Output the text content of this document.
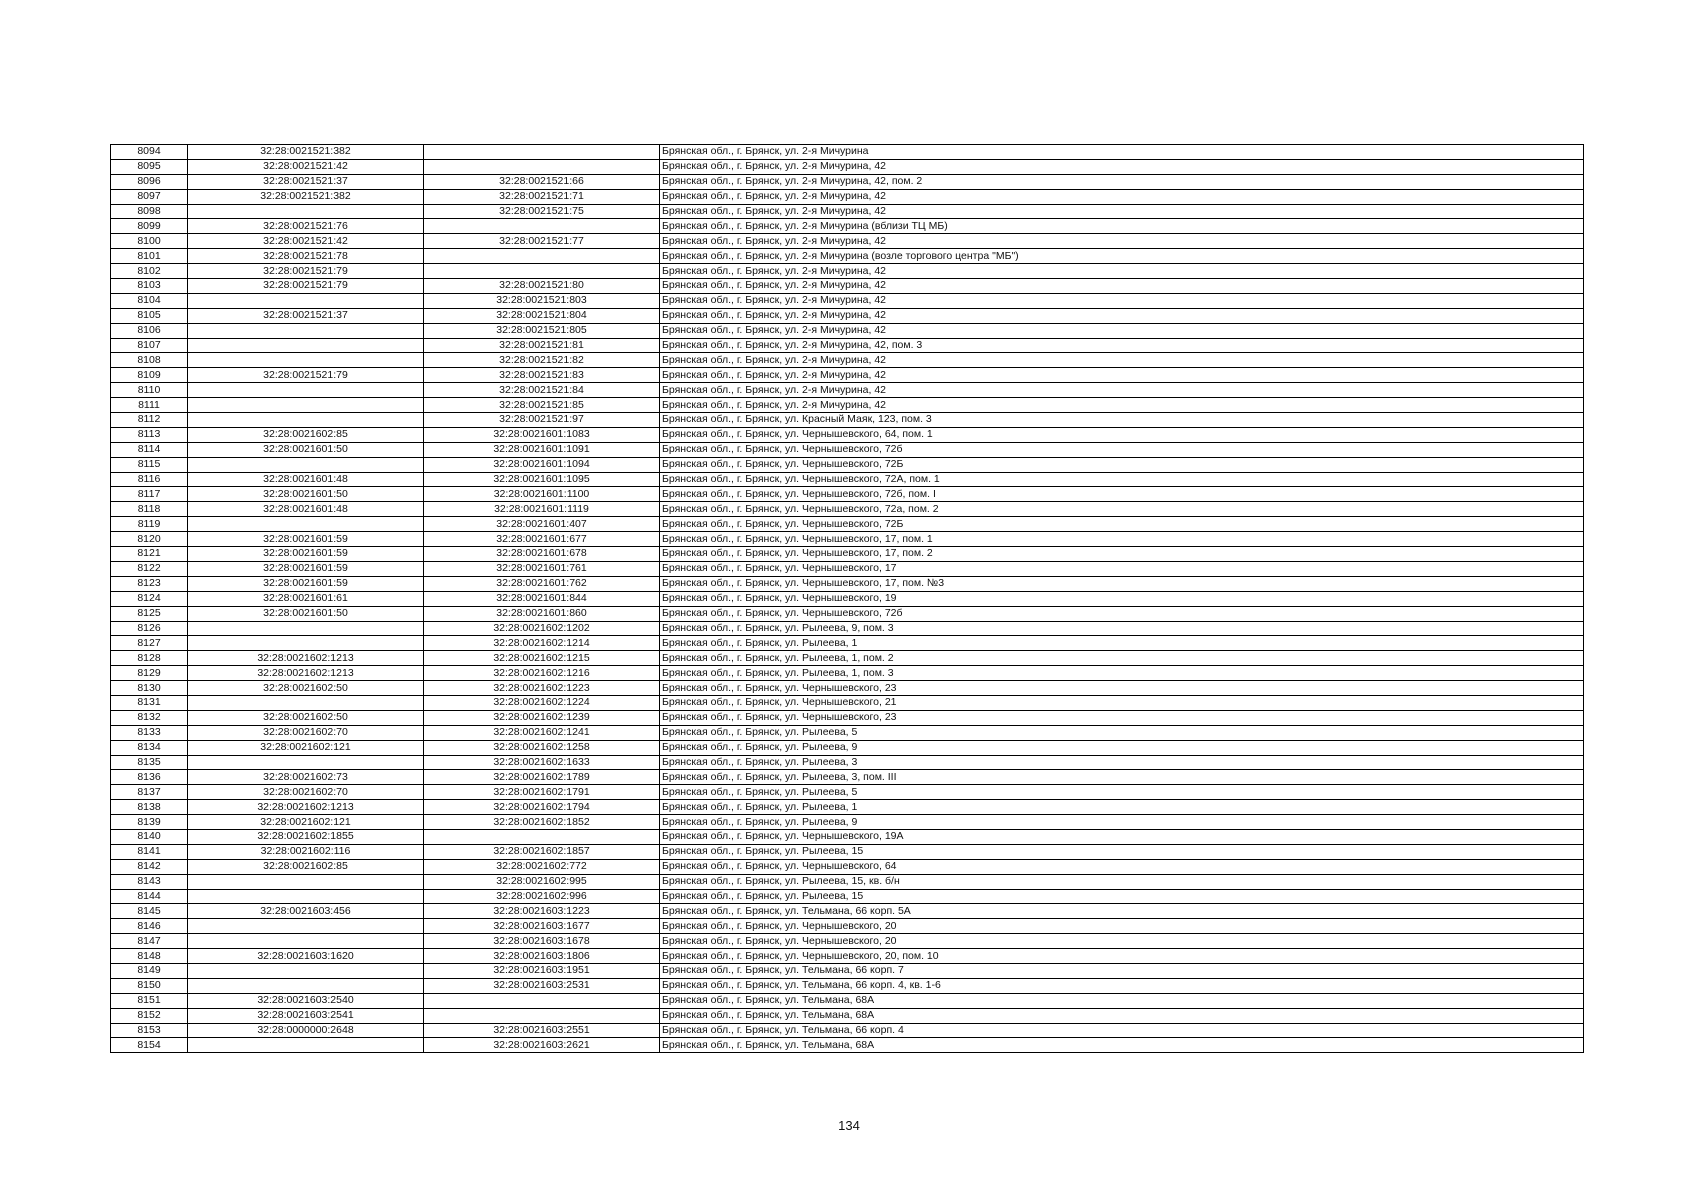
8094	32:28:0021521:382		Брянская обл., г. Брянск, ул. 2-я Мичурина
8095	32:28:0021521:42		Брянская обл., г. Брянск, ул. 2-я Мичурина, 42
8096	32:28:0021521:37	32:28:0021521:66	Брянская обл., г. Брянск, ул. 2-я Мичурина, 42, пом. 2
8097	32:28:0021521:382	32:28:0021521:71	Брянская обл., г. Брянск, ул. 2-я Мичурина, 42
8098		32:28:0021521:75	Брянская обл., г. Брянск, ул. 2-я Мичурина, 42
8099	32:28:0021521:76		Брянская обл., г. Брянск, ул. 2-я Мичурина (вблизи ТЦ МБ)
8100	32:28:0021521:42	32:28:0021521:77	Брянская обл., г. Брянск, ул. 2-я Мичурина, 42
8101	32:28:0021521:78		Брянская обл., г. Брянск, ул. 2-я Мичурина (возле торгового центра "МБ")
8102	32:28:0021521:79		Брянская обл., г. Брянск, ул. 2-я Мичурина, 42
8103	32:28:0021521:79	32:28:0021521:80	Брянская обл., г. Брянск, ул. 2-я Мичурина, 42
8104		32:28:0021521:803	Брянская обл., г. Брянск, ул. 2-я Мичурина, 42
8105	32:28:0021521:37	32:28:0021521:804	Брянская обл., г. Брянск, ул. 2-я Мичурина, 42
8106		32:28:0021521:805	Брянская обл., г. Брянск, ул. 2-я Мичурина, 42
8107		32:28:0021521:81	Брянская обл., г. Брянск, ул. 2-я Мичурина, 42, пом. 3
8108		32:28:0021521:82	Брянская обл., г. Брянск, ул. 2-я Мичурина, 42
8109	32:28:0021521:79	32:28:0021521:83	Брянская обл., г. Брянск, ул. 2-я Мичурина, 42
8110		32:28:0021521:84	Брянская обл., г. Брянск, ул. 2-я Мичурина, 42
8111		32:28:0021521:85	Брянская обл., г. Брянск, ул. 2-я Мичурина, 42
8112		32:28:0021521:97	Брянская обл., г. Брянск, ул. Красный Маяк, 123, пом. 3
8113	32:28:0021602:85	32:28:0021601:1083	Брянская обл., г. Брянск, ул. Чернышевского, 64, пом. 1
8114	32:28:0021601:50	32:28:0021601:1091	Брянская обл., г. Брянск, ул. Чернышевского, 72б
8115		32:28:0021601:1094	Брянская обл., г. Брянск, ул. Чернышевского, 72Б
8116	32:28:0021601:48	32:28:0021601:1095	Брянская обл., г. Брянск, ул. Чернышевского, 72А, пом. 1
8117	32:28:0021601:50	32:28:0021601:1100	Брянская обл., г. Брянск, ул. Чернышевского, 72б, пом. I
8118	32:28:0021601:48	32:28:0021601:1119	Брянская обл., г. Брянск, ул. Чернышевского, 72а, пом. 2
8119		32:28:0021601:407	Брянская обл., г. Брянск, ул. Чернышевского, 72Б
8120	32:28:0021601:59	32:28:0021601:677	Брянская обл., г. Брянск, ул. Чернышевского, 17, пом. 1
8121	32:28:0021601:59	32:28:0021601:678	Брянская обл., г. Брянск, ул. Чернышевского, 17, пом. 2
8122	32:28:0021601:59	32:28:0021601:761	Брянская обл., г. Брянск, ул. Чернышевского, 17
8123	32:28:0021601:59	32:28:0021601:762	Брянская обл., г. Брянск, ул. Чернышевского, 17, пом. №3
8124	32:28:0021601:61	32:28:0021601:844	Брянская обл., г. Брянск, ул. Чернышевского, 19
8125	32:28:0021601:50	32:28:0021601:860	Брянская обл., г. Брянск, ул. Чернышевского, 72б
8126		32:28:0021602:1202	Брянская обл., г. Брянск, ул. Рылеева, 9, пом. 3
8127		32:28:0021602:1214	Брянская обл., г. Брянск, ул. Рылеева, 1
8128	32:28:0021602:1213	32:28:0021602:1215	Брянская обл., г. Брянск, ул. Рылеева, 1, пом. 2
8129	32:28:0021602:1213	32:28:0021602:1216	Брянская обл., г. Брянск, ул. Рылеева, 1, пом. 3
8130	32:28:0021602:50	32:28:0021602:1223	Брянская обл., г. Брянск, ул. Чернышевского, 23
8131		32:28:0021602:1224	Брянская обл., г. Брянск, ул. Чернышевского, 21
8132	32:28:0021602:50	32:28:0021602:1239	Брянская обл., г. Брянск, ул. Чернышевского, 23
8133	32:28:0021602:70	32:28:0021602:1241	Брянская обл., г. Брянск, ул. Рылеева, 5
8134	32:28:0021602:121	32:28:0021602:1258	Брянская обл., г. Брянск, ул. Рылеева, 9
8135		32:28:0021602:1633	Брянская обл., г. Брянск, ул. Рылеева, 3
8136	32:28:0021602:73	32:28:0021602:1789	Брянская обл., г. Брянск, ул. Рылеева, 3, пом. III
8137	32:28:0021602:70	32:28:0021602:1791	Брянская обл., г. Брянск, ул. Рылеева, 5
8138	32:28:0021602:1213	32:28:0021602:1794	Брянская обл., г. Брянск, ул. Рылеева, 1
8139	32:28:0021602:121	32:28:0021602:1852	Брянская обл., г. Брянск, ул. Рылеева, 9
8140	32:28:0021602:1855		Брянская обл., г. Брянск, ул. Чернышевского, 19А
8141	32:28:0021602:116	32:28:0021602:1857	Брянская обл., г. Брянск, ул. Рылеева, 15
8142	32:28:0021602:85	32:28:0021602:772	Брянская обл., г. Брянск, ул. Чернышевского, 64
8143		32:28:0021602:995	Брянская обл., г. Брянск, ул. Рылеева, 15, кв. б/н
8144		32:28:0021602:996	Брянская обл., г. Брянск, ул. Рылеева, 15
8145	32:28:0021603:456	32:28:0021603:1223	Брянская обл., г. Брянск, ул. Тельмана, 66 корп. 5А
8146		32:28:0021603:1677	Брянская обл., г. Брянск, ул. Чернышевского, 20
8147		32:28:0021603:1678	Брянская обл., г. Брянск, ул. Чернышевского, 20
8148	32:28:0021603:1620	32:28:0021603:1806	Брянская обл., г. Брянск, ул. Чернышевского, 20, пом. 10
8149		32:28:0021603:1951	Брянская обл., г. Брянск, ул. Тельмана, 66 корп. 7
8150		32:28:0021603:2531	Брянская обл., г. Брянск, ул. Тельмана, 66 корп. 4, кв. 1-6
8151	32:28:0021603:2540		Брянская обл., г. Брянск, ул. Тельмана, 68А
8152	32:28:0021603:2541		Брянская обл., г. Брянск, ул. Тельмана, 68А
8153	32:28:0000000:2648	32:28:0021603:2551	Брянская обл., г. Брянск, ул. Тельмана, 66 корп. 4
8154		32:28:0021603:2621	Брянская обл., г. Брянск, ул. Тельмана, 68А
134
